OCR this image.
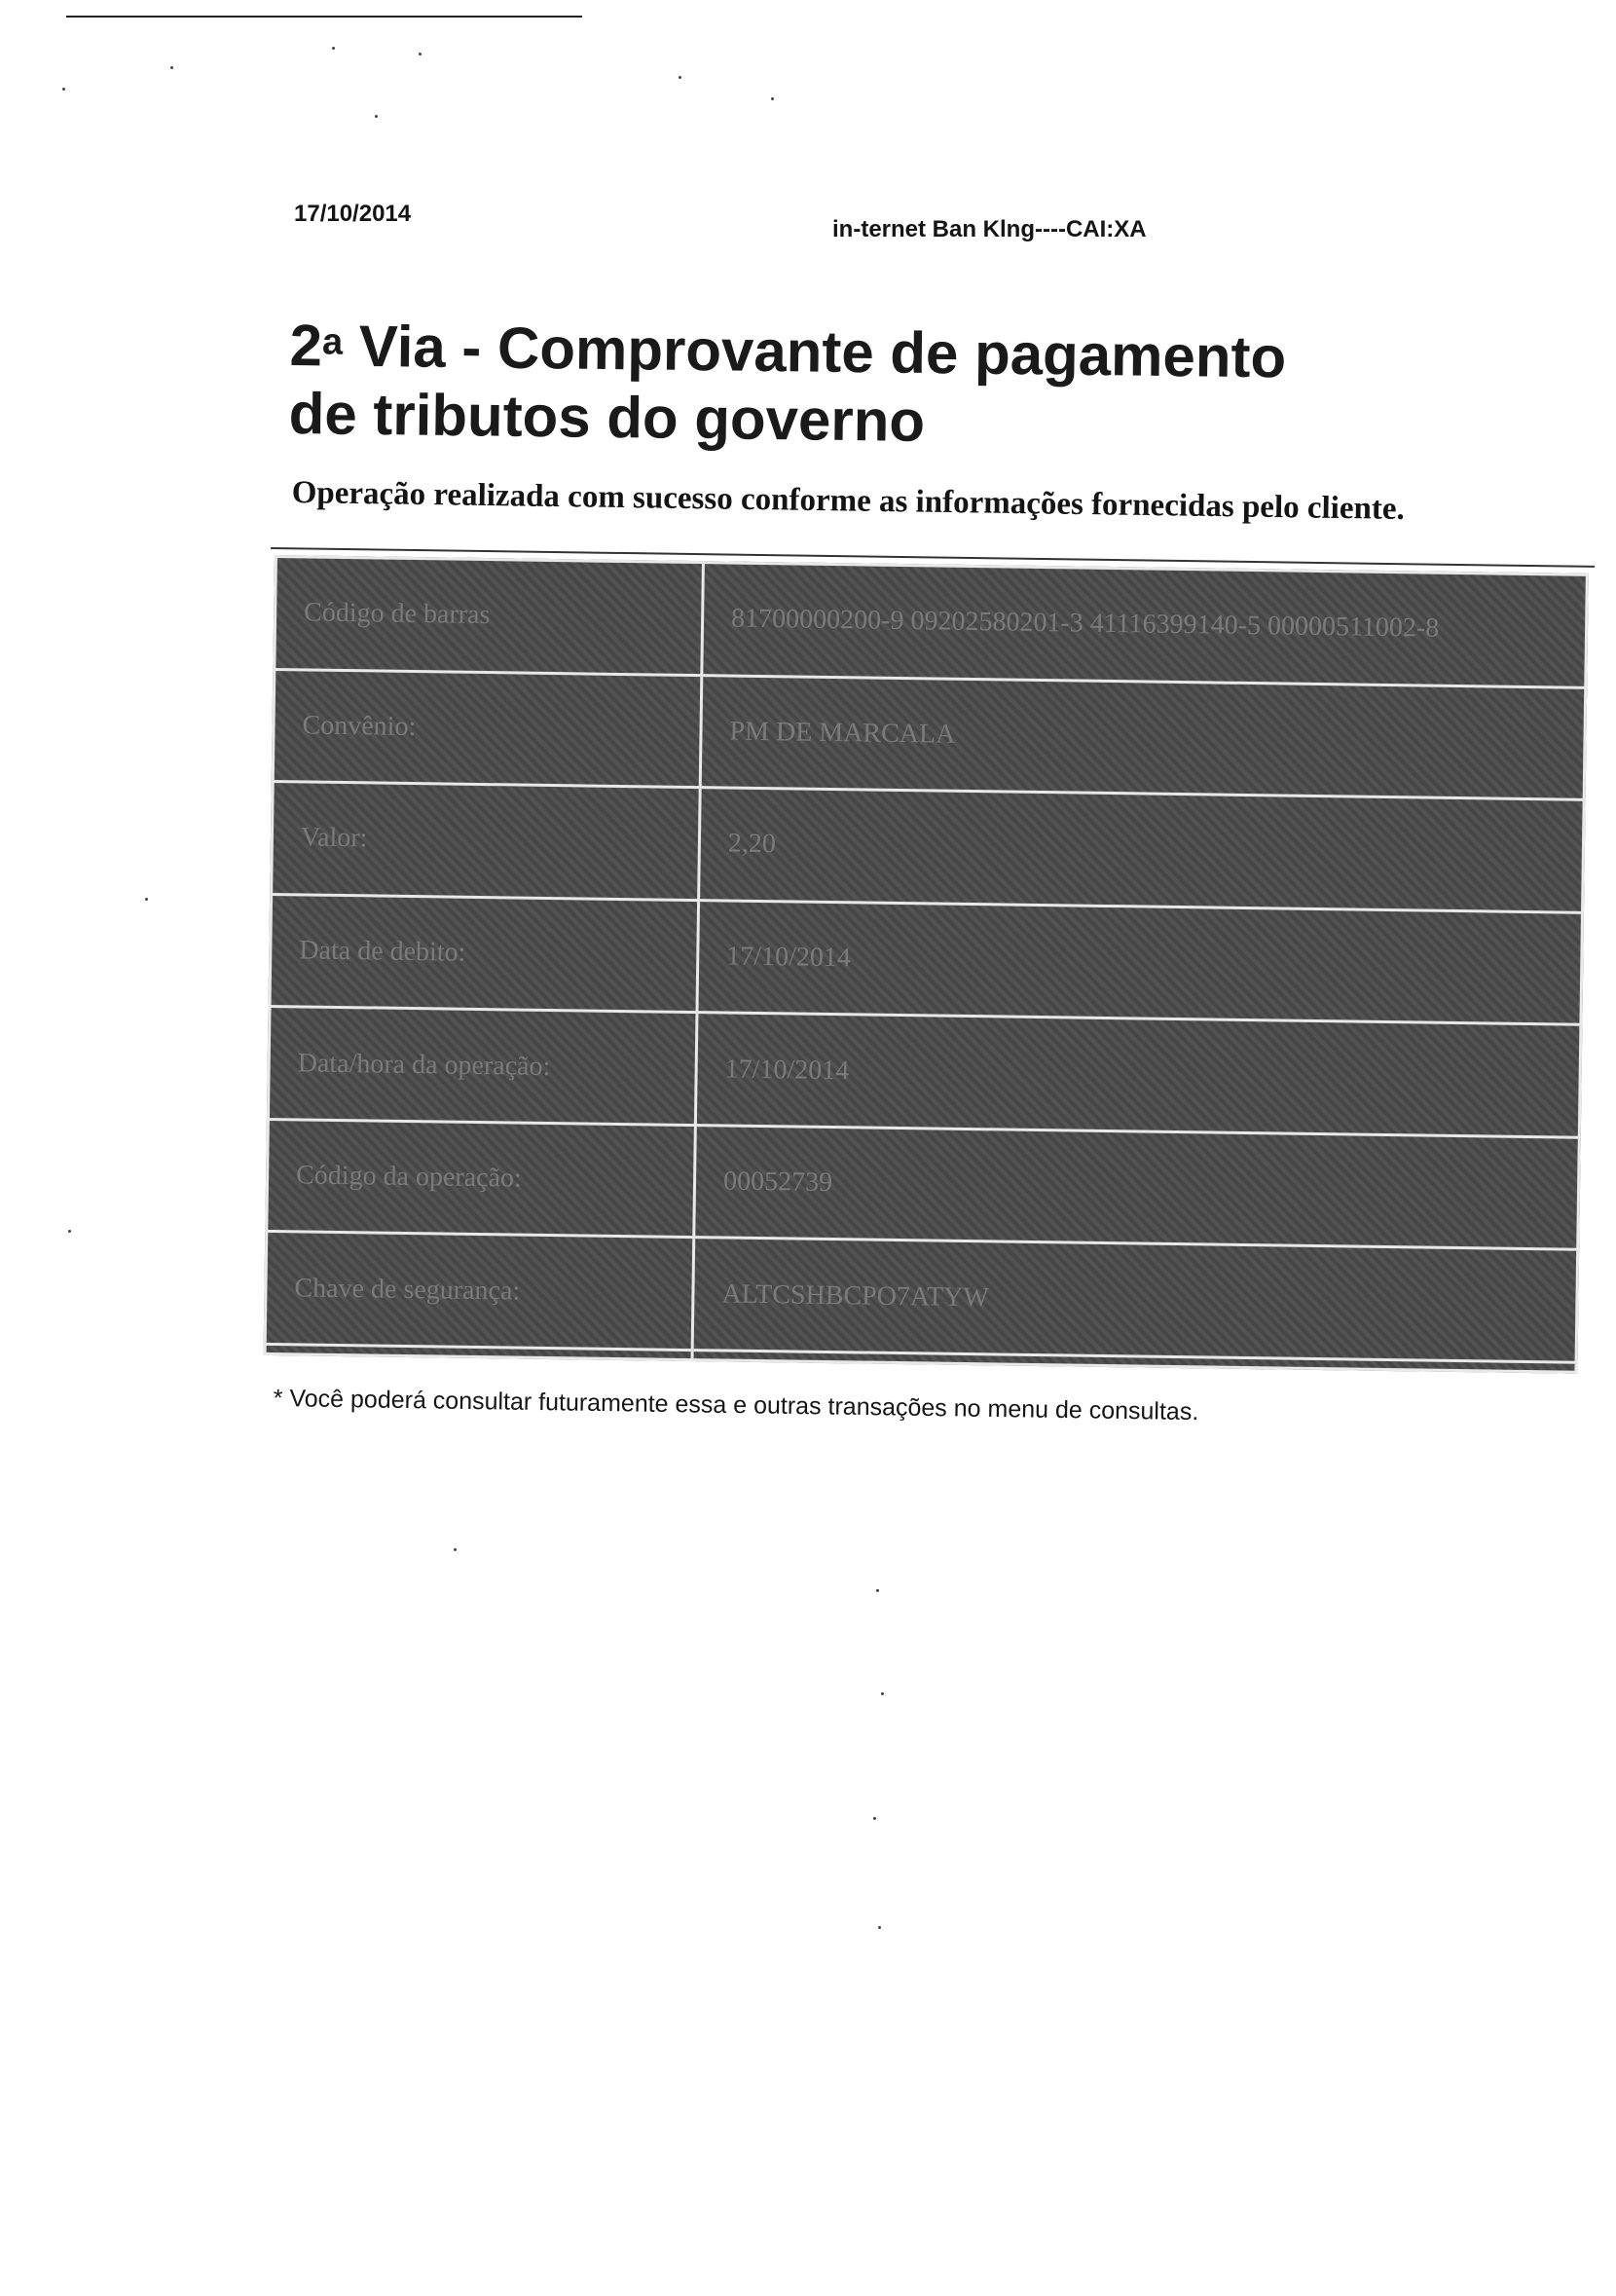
17/10/2014
in-ternet Ban Klng----CAI:XA
2$^a$ Via - Comprovante de pagamento
de tributos do governo
Operação realizada com sucesso conforme as informações fornecidas pelo cliente.
Código de barras	81700000200-9 09202580201-3 41116399140-5 00000511002-8
Convênio:	PM DE MARCALA
Valor:	2,20
Data de debito:	17/10/2014
Data/hora da operação:	17/10/2014
Código da operação:	00052739
Chave de segurança:	ALTCSHBCPO7ATYW

* Você poderá consultar futuramente essa e outras transações no menu de consultas.
